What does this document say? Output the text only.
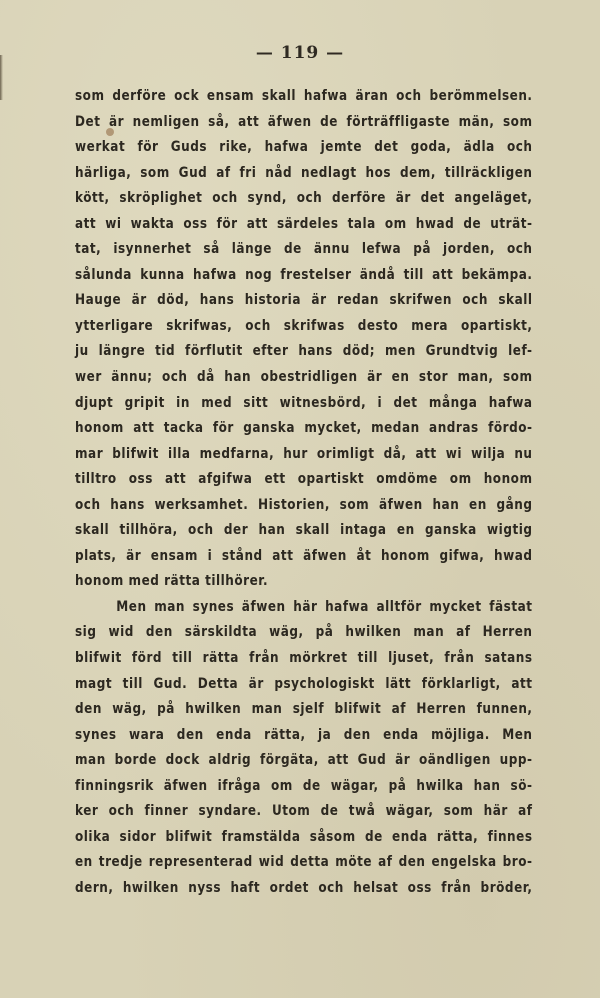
— 119 —
som derföre ock ensam skall hafwa äran och berömmelsen.
Det är nemligen så, att äfwen de förträffligaste män, som
werkat för Guds rike, hafwa jemte det goda, ädla och
härliga, som Gud af fri nåd nedlagt hos dem, tillräckligen
kött, skröplighet och synd, och derföre är det angeläget,
att wi wakta oss för att särdeles tala om hwad de uträt-
tat, isynnerhet så länge de ännu lefwa på jorden, och
sålunda kunna hafwa nog frestelser ändå till att bekämpa.
Hauge är död, hans historia är redan skrifwen och skall
ytterligare skrifwas, och skrifwas desto mera opartiskt,
ju längre tid förflutit efter hans död; men Grundtvig lef-
wer ännu; och då han obestridligen är en stor man, som
djupt gripit in med sitt witnesbörd, i det många hafwa
honom att tacka för ganska mycket, medan andras fördo-
mar blifwit illa medfarna, hur orimligt då, att wi wilja nu
tilltro oss att afgifwa ett opartiskt omdöme om honom
och hans werksamhet. Historien, som äfwen han en gång
skall tillhöra, och der han skall intaga en ganska wigtig
plats, är ensam i stånd att äfwen åt honom gifwa, hwad
honom med rätta tillhörer.
Men man synes äfwen här hafwa alltför mycket fästat
sig wid den särskildta wäg, på hwilken man af Herren
blifwit förd till rätta från mörkret till ljuset, från satans
magt till Gud. Detta är psychologiskt lätt förklarligt, att
den wäg, på hwilken man sjelf blifwit af Herren funnen,
synes wara den enda rätta, ja den enda möjliga. Men
man borde dock aldrig förgäta, att Gud är oändligen upp-
finningsrik äfwen ifråga om de wägar, på hwilka han sö-
ker och finner syndare. Utom de twå wägar, som här af
olika sidor blifwit framstälda såsom de enda rätta, finnes
en tredje representerad wid detta möte af den engelska bro-
dern, hwilken nyss haft ordet och helsat oss från bröder,
